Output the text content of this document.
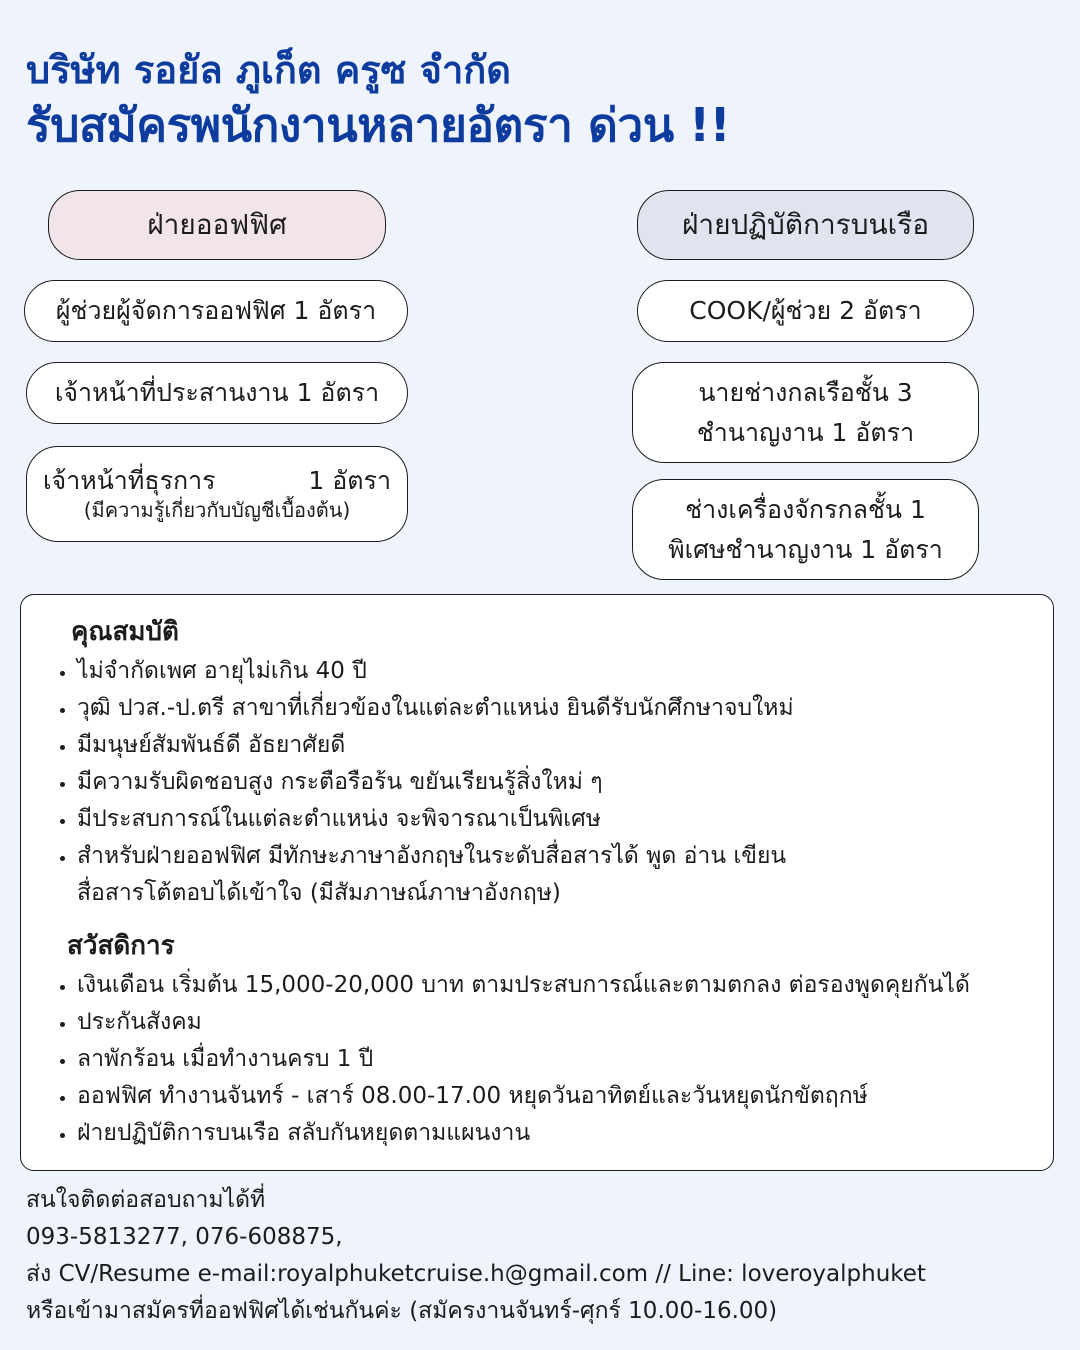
บริษัท รอยัล ภูเก็ต ครูซ จำกัด
รับสมัครพนักงานหลายอัตรา ด่วน !!
ฝ่ายออฟฟิศ
ผู้ช่วยผู้จัดการออฟฟิศ 1 อัตรา
เจ้าหน้าที่ประสานงาน 1 อัตรา
เจ้าหน้าที่ธุรการ	1 อัตรา
(มีความรู้เกี่ยวกับบัญชีเบื้องต้น)
ฝ่ายปฏิบัติการบนเรือ
COOK/ผู้ช่วย 2 อัตรา
นายช่างกลเรือชั้น 3
ชำนาญงาน 1 อัตรา
ช่างเครื่องจักรกลชั้น 1
พิเศษชำนาญงาน 1 อัตรา
คุณสมบัติ
• ไม่จำกัดเพศ อายุไม่เกิน 40 ปี
• วุฒิ ปวส.-ป.ตรี สาขาที่เกี่ยวข้องในแต่ละตำแหน่ง ยินดีรับนักศึกษาจบใหม่
• มีมนุษย์สัมพันธ์ดี อัธยาศัยดี
• มีความรับผิดชอบสูง กระตือรือร้น ขยันเรียนรู้สิ่งใหม่ ๆ
• มีประสบการณ์ในแต่ละตำแหน่ง จะพิจารณาเป็นพิเศษ
• สำหรับฝ่ายออฟฟิศ มีทักษะภาษาอังกฤษในระดับสื่อสารได้ พูด อ่าน เขียน
สื่อสารโต้ตอบได้เข้าใจ (มีสัมภาษณ์ภาษาอังกฤษ)
สวัสดิการ
• เงินเดือน เริ่มต้น 15,000-20,000 บาท ตามประสบการณ์และตามตกลง ต่อรองพูดคุยกันได้
• ประกันสังคม
• ลาพักร้อน เมื่อทำงานครบ 1 ปี
• ออฟฟิศ ทำงานจันทร์ - เสาร์ 08.00-17.00 หยุดวันอาทิตย์และวันหยุดนักขัตฤกษ์
• ฝ่ายปฏิบัติการบนเรือ สลับกันหยุดตามแผนงาน
สนใจติดต่อสอบถามได้ที่
093-5813277, 076-608875,
ส่ง CV/Resume e-mail:royalphuketcruise.h@gmail.com // Line: loveroyalphuket
หรือเข้ามาสมัครที่ออฟฟิศได้เช่นกันค่ะ (สมัครงานจันทร์-ศุกร์ 10.00-16.00)
